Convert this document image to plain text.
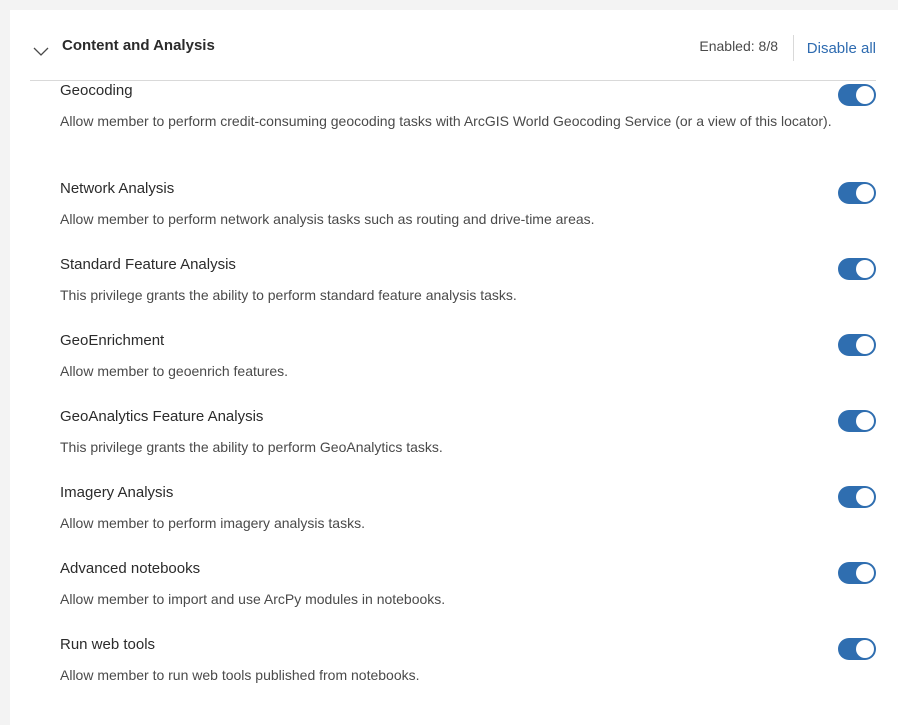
Content and Analysis	Enabled: 8/8 Disable all
Geocoding
Allow member to perform credit-consuming geocoding tasks with ArcGIS World Geocoding Service (or a view of this locator).
Network Analysis
Allow member to perform network analysis tasks such as routing and drive-time areas.
Standard Feature Analysis
This privilege grants the ability to perform standard feature analysis tasks.
GeoEnrichment
Allow member to geoenrich features.
GeoAnalytics Feature Analysis
This privilege grants the ability to perform GeoAnalytics tasks.
Imagery Analysis
Allow member to perform imagery analysis tasks.
Advanced notebooks
Allow member to import and use ArcPy modules in notebooks.
Run web tools
Allow member to run web tools published from notebooks.
